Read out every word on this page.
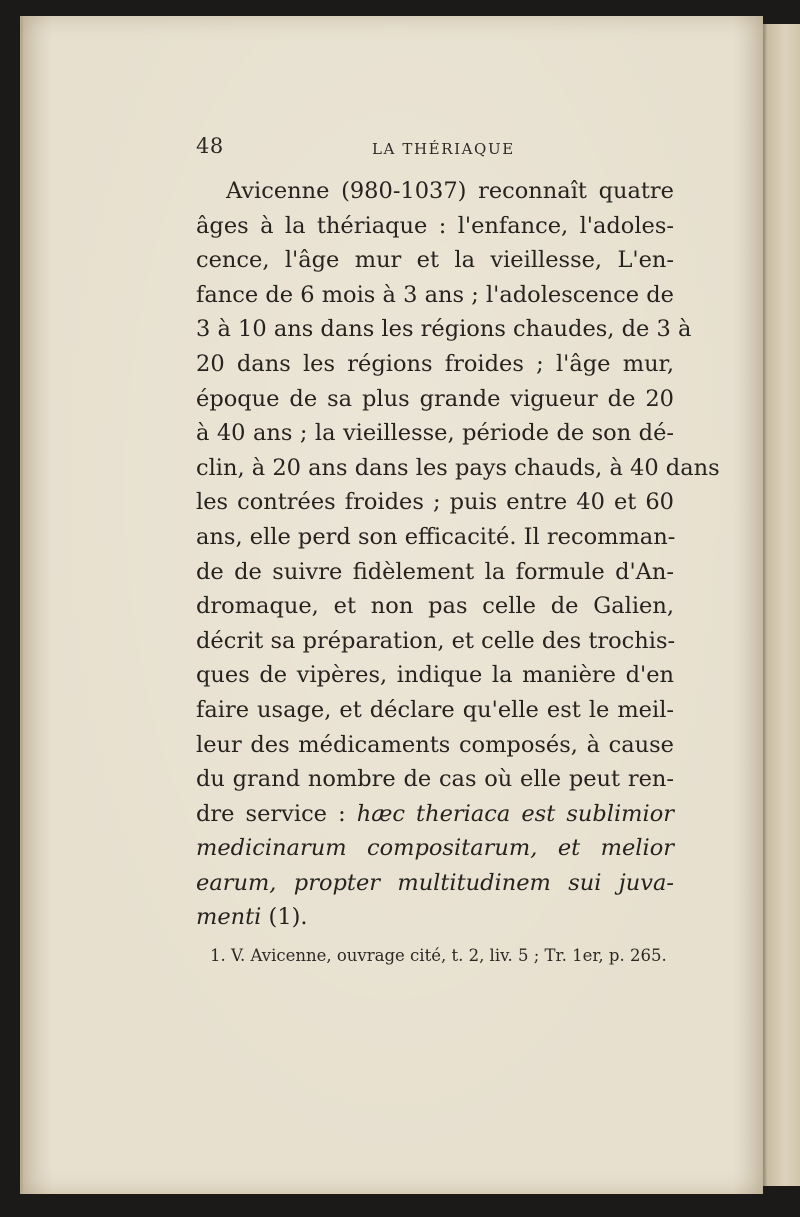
48	LA THÉRIAQUE
Avicenne (980-1037) reconnaît quatre
âges à la thériaque : l'enfance, l'adoles-
cence, l'âge mur et la vieillesse, L'en-
fance de 6 mois à 3 ans ; l'adolescence de
3 à 10 ans dans les régions chaudes, de 3 à
20 dans les régions froides ; l'âge mur,
époque de sa plus grande vigueur de 20
à 40 ans ; la vieillesse, période de son dé-
clin, à 20 ans dans les pays chauds, à 40 dans
les contrées froides ; puis entre 40 et 60
ans, elle perd son efficacité. Il recomman-
de de suivre fidèlement la formule d'An-
dromaque, et non pas celle de Galien,
décrit sa préparation, et celle des trochis-
ques de vipères, indique la manière d'en
faire usage, et déclare qu'elle est le meil-
leur des médicaments composés, à cause
du grand nombre de cas où elle peut ren-
dre service : hæc theriaca est sublimior
medicinarum compositarum, et melior
earum, propter multitudinem sui juva-
menti (1).
1. V. Avicenne, ouvrage cité, t. 2, liv. 5 ; Tr. 1er, p. 265.
